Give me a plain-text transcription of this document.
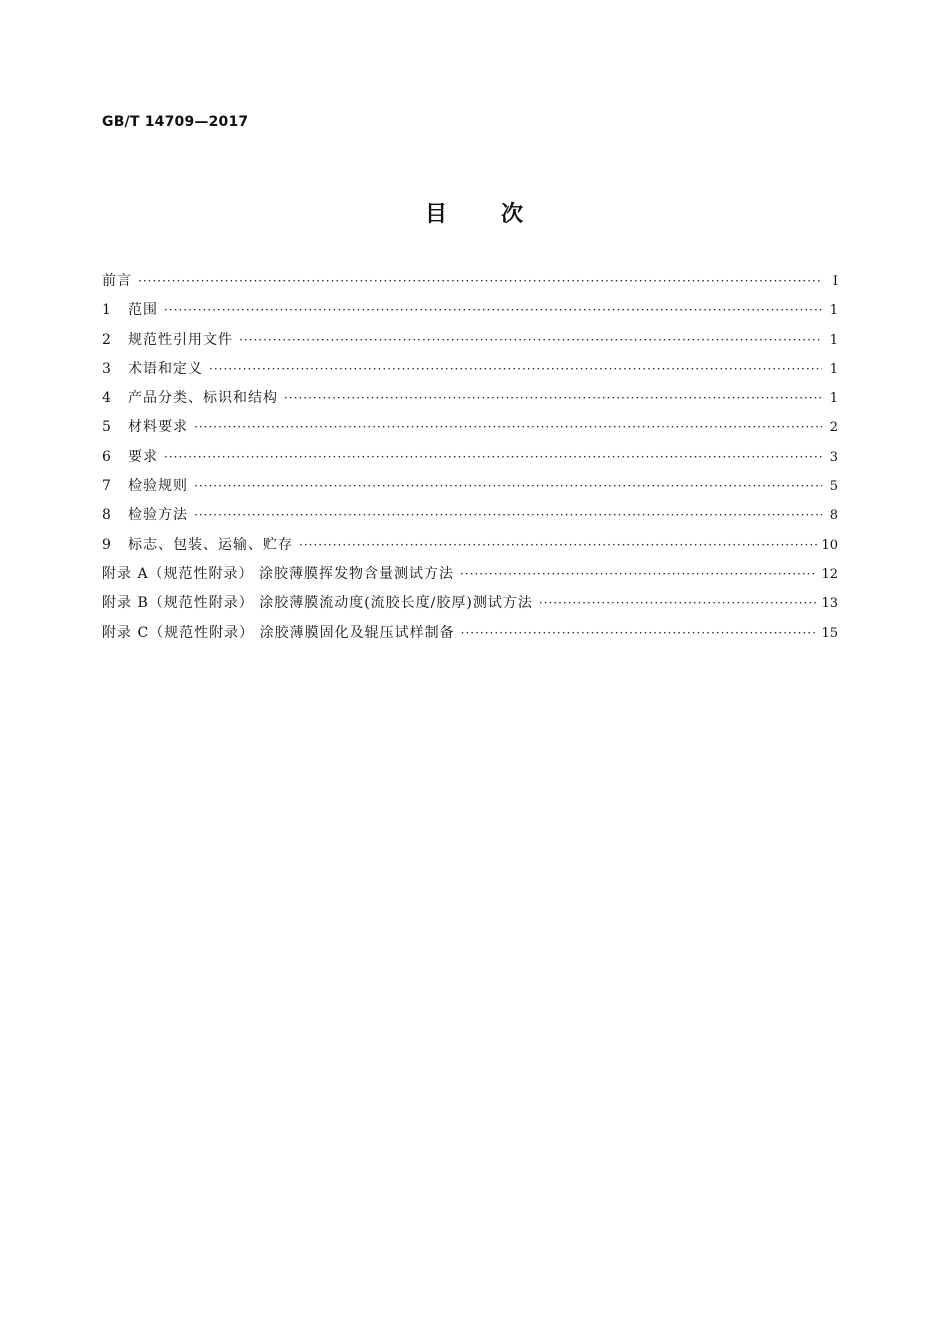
GB/T 14709—2017
目 次
前言 ·····	Ⅰ
1	范围 ·····	1
2	规范性引用文件 ·····	1
3	术语和定义 ·····	1
4	产品分类、标识和结构 ·····	1
5	材料要求 ·····	2
6	要求 ·····	3
7	检验规则 ·····	5
8	检验方法 ·····	8
9	标志、包装、运输、贮存 ·····	10
附录 A（规范性附录） 涂胶薄膜挥发物含量测试方法 ·····	12
附录 B（规范性附录） 涂胶薄膜流动度(流胶长度/胶厚)测试方法 ·····	13
附录 C（规范性附录） 涂胶薄膜固化及辊压试样制备 ·····	15
